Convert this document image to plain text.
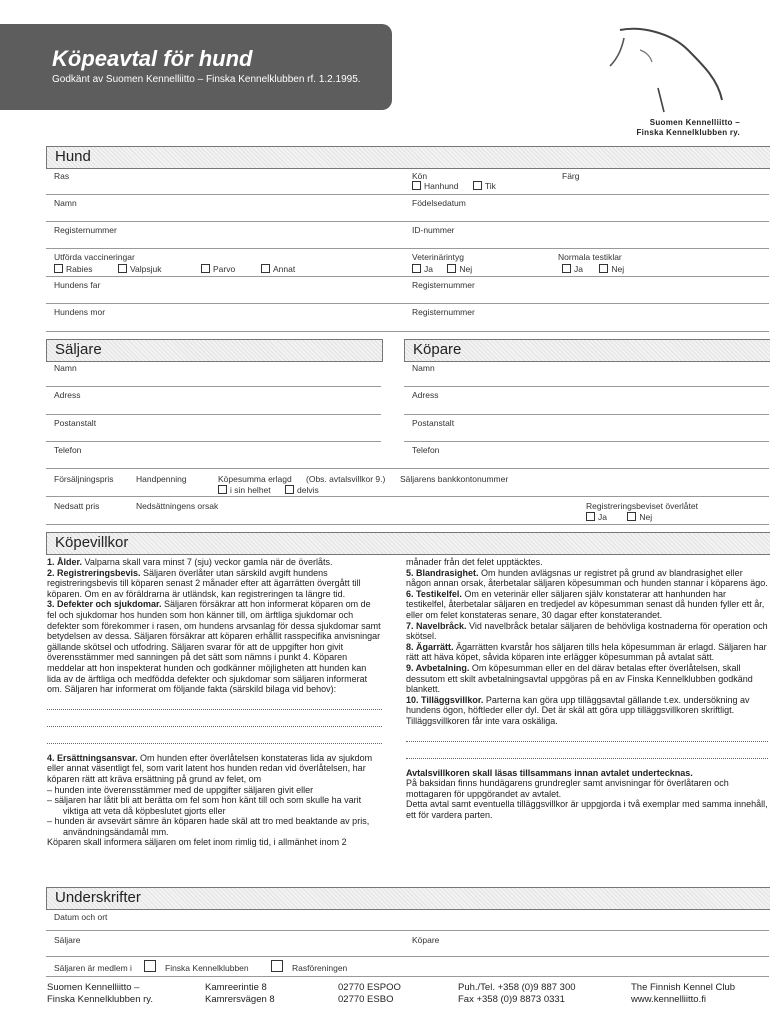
Köpeavtal för hund
Godkänt av Suomen Kennelliitto – Finska Kennelklubben rf. 1.2.1995.
Suomen Kennelliitto –
Finska Kennelklubben ry.
Hund
Ras	Kön
Hanhund	Tik
Färg
Namn	Födelsedatum
Registernummer	ID-nummer
Utförda vaccineringar
Rabies	Valpsjuk	Parvo	Annat
Veterinärintyg
Ja	Nej
Normala testiklar
Ja	Nej
Hundens far	Registernummer
Hundens mor	Registernummer
Säljare	Köpare
Namn	Namn
Adress	Adress
Postanstalt	Postanstalt
Telefon	Telefon
Försäljningspris	Handpenning	Köpesumma erlagd (Obs. avtalsvillkor 9.)
i sin helhet	delvis
Säljarens bankkontonummer
Nedsatt pris	Nedsättningens orsak	Registreringsbeviset överlåtet
Ja	Nej
Köpevillkor

1. Ålder. Valparna skall vara minst 7 (sju) veckor gamla när de överlåts.

2. Registreringsbevis. Säljaren överlåter utan särskild avgift hundens registreringsbevis till köparen senast 2 månader efter att ägarrätten övergått till köparen. Om en av föräldrarna är utländsk, kan registreringen ta längre tid.

3. Defekter och sjukdomar. Säljaren försäkrar att hon informerat köparen om de fel och sjukdomar hos hunden som hon känner till, om ärftliga sjukdomar och defekter som förekommer i rasen, om hundens arvsanlag för dessa sjukdomar samt betydelsen av dessa. Säljaren försäkrar att köparen erhållit rasspecifika anvisningar gällande skötsel och utfodring. Säljaren svarar för att de uppgifter hon givit överensstämmer med sanningen på det sätt som nämns i punkt 4. Köparen meddelar att hon inspekterat hunden och godkänner möjligheten att hunden kan lida av de ärftliga och medfödda defekter och sjukdomar som säljaren informerat om. Säljaren har informerat om följande fakta (särskild bilaga vid behov):

4. Ersättningsansvar. Om hunden efter överlåtelsen konstateras lida av sjukdom eller annat väsentligt fel, som varit latent hos hunden redan vid överlåtelsen, har köparen rätt att kräva ersättning på grund av felet, om

– hunden inte överensstämmer med de uppgifter säljaren givit eller

– säljaren har låtit bli att berätta om fel som hon känt till och som skulle ha varit viktiga att veta då köpbeslutet gjorts eller

– hunden är avsevärt sämre än köparen hade skäl att tro med beaktande av pris, användningsändamål mm.

Köparen skall informera säljaren om felet inom rimlig tid, i allmänhet inom 2

månader från det felet upptäcktes.

5. Blandrasighet. Om hunden avlägsnas ur registret på grund av blandrasighet eller någon annan orsak, återbetalar säljaren köpesumman och hunden stannar i köparens ägo.

6. Testikelfel. Om en veterinär eller säljaren själv konstaterar att hanhunden har testikelfel, återbetalar säljaren en tredjedel av köpesumman senast då hunden fyller ett år, eller om felet konstateras senare, 30 dagar efter konstaterandet.

7. Navelbråck. Vid navelbråck betalar säljaren de behövliga kostnaderna för operation och skötsel.

8. Ägarrätt. Ägarrätten kvarstår hos säljaren tills hela köpesumman är erlagd. Säljaren har rätt att häva köpet, såvida köparen inte erlägger köpesumman på avtalat sätt.

9. Avbetalning. Om köpesumman eller en del därav betalas efter överlåtelsen, skall dessutom ett skilt avbetalningsavtal uppgöras på en av Finska Kennelklubben godkänd blankett.

10. Tilläggsvillkor. Parterna kan göra upp tilläggsavtal gällande t.ex. undersökning av hundens ögon, höftleder eller dyl. Det är skäl att göra upp tilläggsvillkoren skriftligt. Tilläggsvillkoren får inte vara oskäliga.

Avtalsvillkoren skall läsas tillsammans innan avtalet undertecknas.

På baksidan finns hundägarens grundregler samt anvisningar för överlåtaren och mottagaren för uppgörandet av avtalet.

Detta avtal samt eventuella tilläggsvillkor är uppgjorda i två exemplar med samma innehåll, ett för vardera parten.

Underskrifter
Datum och ort
Säljare	Köpare
Säljaren är medlem i	Finska Kennelklubben	Rasföreningen
Suomen Kennelliitto –
Finska Kennelklubben ry.
Kamreerintie 8
Kamrersvägen 8
02770 ESPOO
02770 ESBO
Puh./Tel. +358 (0)9 887 300
Fax +358 (0)9 8873 0331
The Finnish Kennel Club
www.kennelliitto.fi
